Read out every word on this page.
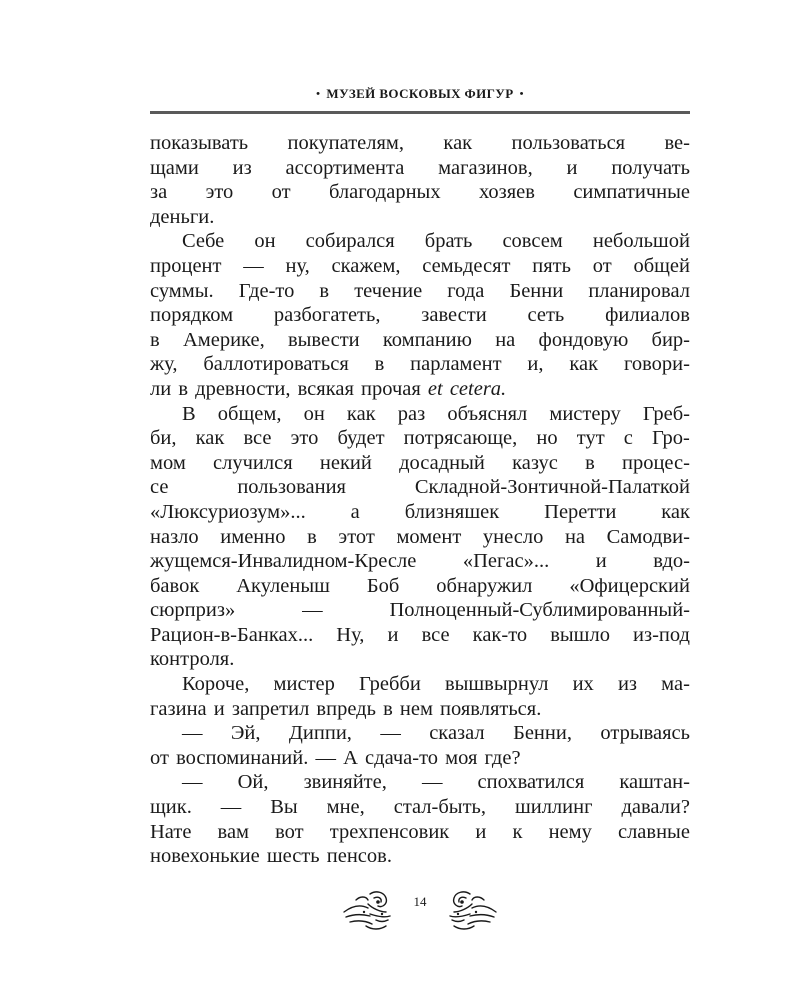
• МУЗЕЙ ВОСКОВЫХ ФИГУР •
показывать покупателям, как пользоваться ве-
щами из ассортимента магазинов, и получать
за это от благодарных хозяев симпатичные
деньги.
Себе он собирался брать совсем небольшой
процент — ну, скажем, семьдесят пять от общей
суммы. Где-то в течение года Бенни планировал
порядком разбогатеть, завести сеть филиалов
в Америке, вывести компанию на фондовую бир-
жу, баллотироваться в парламент и, как говори-
ли
в
древности,
всякая
прочая
et
cetera.
В общем, он как раз объяснял мистеру Греб-
би, как все это будет потрясающе, но тут с Гро-
мом случился некий досадный казус в процес-
се	пользования	Складной-Зонтичной-Палаткой
«Люксуриозум»... а близняшек Перетти как
назло именно в этот момент унесло на Самодви-
жущемся-Инвалидном-Кресле «Пегас»... и вдо-
бавок Акуленыш Боб обнаружил «Офицерский
сюрприз»	—	Полноценный-Сублимированный-
Рацион-в-Банках... Ну, и все как-то вышло из-под
контроля.
Короче, мистер Гребби вышвырнул их из ма-
газина
и
запретил
впредь
в
нем
появляться.
— Эй, Диппи, — сказал Бенни, отрываясь
от
воспоминаний.
—
А
сдача-то
моя
где?
— Ой, звиняйте, — спохватился каштан-
щик. — Вы мне, стал-быть, шиллинг давали?
Нате вам вот трехпенсовик и к нему славные
новехонькие
шесть
пенсов.
14
